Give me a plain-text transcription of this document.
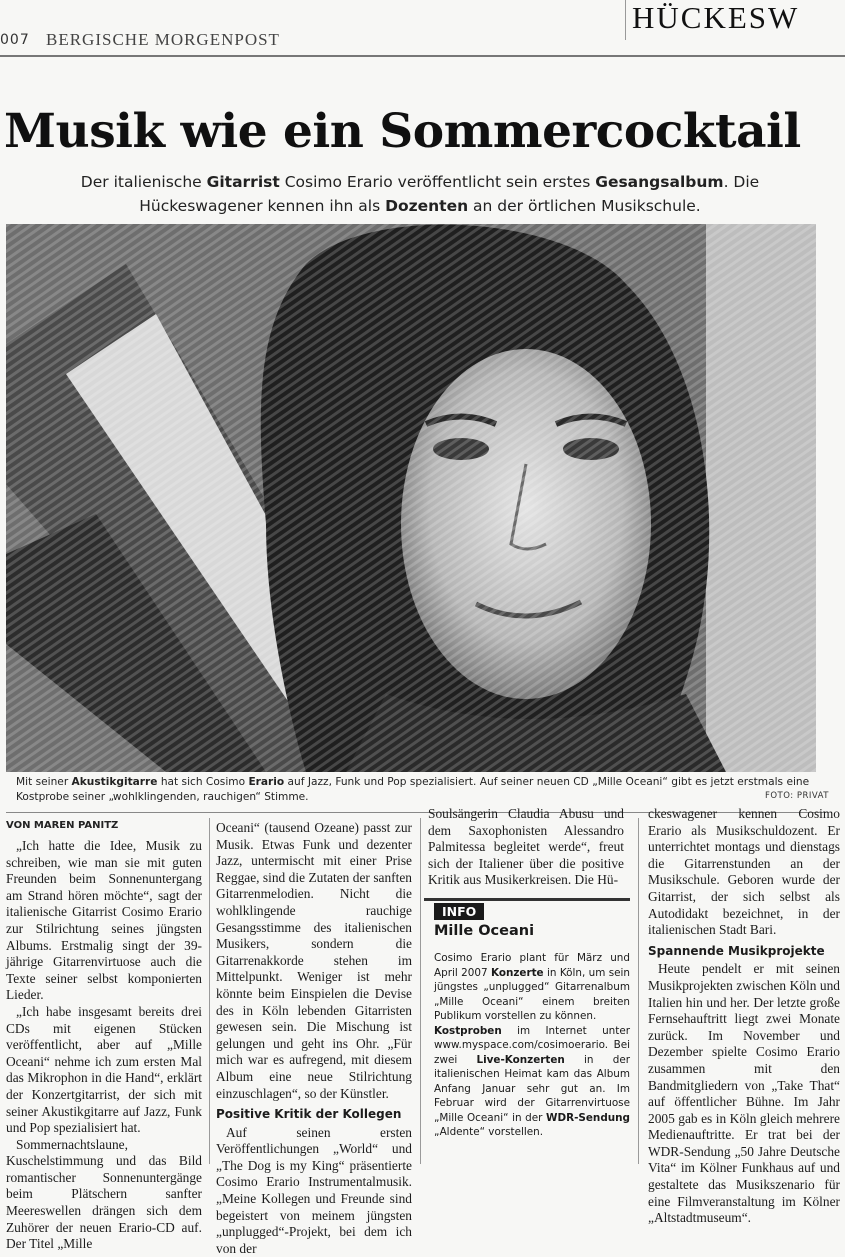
007 BERGISCHE MORGENPOST
HÜCKESW
Musik wie ein Sommercocktail
Der italienische Gitarrist Cosimo Erario veröffentlicht sein erstes Gesangsalbum. Die Hückeswagener kennen ihn als Dozenten an der örtlichen Musikschule.
Mit seiner Akustikgitarre hat sich Cosimo Erario auf Jazz, Funk und Pop spezialisiert. Auf seiner neuen CD „Mille Oceani“ gibt es jetzt erstmals eine Kostprobe seiner „wohlklingenden, rauchigen“ Stimme.	FOTO: PRIVAT
VON MAREN PANITZ

„Ich hatte die Idee, Musik zu schreiben, wie man sie mit guten Freunden beim Sonnenuntergang am Strand hören möchte“, sagt der italienische Gitarrist Cosimo Erario zur Stilrichtung seines jüngsten Albums. Erstmalig singt der 39-jährige Gitarrenvirtuose auch die Texte seiner selbst komponierten Lieder.

„Ich habe insgesamt bereits drei CDs mit eigenen Stücken veröffentlicht, aber auf „Mille Oceani“ nehme ich zum ersten Mal das Mikrophon in die Hand“, erklärt der Konzertgitarrist, der sich mit seiner Akustikgitarre auf Jazz, Funk und Pop spezialisiert hat.

Sommernachtslaune, Kuschelstimmung und das Bild romantischer Sonnenuntergänge beim Plätschern sanfter Meereswellen drängen sich dem Zuhörer der neuen Erario-CD auf. Der Titel „Mille

Oceani“ (tausend Ozeane) passt zur Musik. Etwas Funk und dezenter Jazz, untermischt mit einer Prise Reggae, sind die Zutaten der sanften Gitarrenmelodien. Nicht die wohlklingende rauchige Gesangsstimme des italienischen Musikers, sondern die Gitarrenakkorde stehen im Mittelpunkt. Weniger ist mehr könnte beim Einspielen die Devise des in Köln lebenden Gitarristen gewesen sein. Die Mischung ist gelungen und geht ins Ohr. „Für mich war es aufregend, mit diesem Album eine neue Stilrichtung einzuschlagen“, so der Künstler.

Positive Kritik der Kollegen

Auf seinen ersten Veröffentlichungen „World“ und „The Dog is my King“ präsentierte Cosimo Erario Instrumentalmusik. „Meine Kollegen und Freunde sind begeistert von meinem jüngsten „unplugged“-Projekt, bei dem ich von der

Soulsängerin Claudia Abusu und dem Saxophonisten Alessandro Palmitessa begleitet werde“, freut sich der Italiener über die positive Kritik aus Musikerkreisen. Die Hü-

INFO
Mille Oceani

Cosimo Erario plant für März und April 2007 Konzerte in Köln, um sein jüngstes „unplugged“ Gitarrenalbum „Mille Oceani“ einem breiten Publikum vorstellen zu können.

Kostproben im Internet unter www.myspace.com/cosimoerario. Bei zwei Live-Konzerten in der italienischen Heimat kam das Album Anfang Januar sehr gut an. Im Februar wird der Gitarrenvirtuose „Mille Oceani“ in der WDR-Sendung „Aldente“ vorstellen.

ckeswagener kennen Cosimo Erario als Musikschuldozent. Er unterrichtet montags und dienstags die Gitarrenstunden an der Musikschule. Geboren wurde der Gitarrist, der sich selbst als Autodidakt bezeichnet, in der italienischen Stadt Bari.

Spannende Musikprojekte

Heute pendelt er mit seinen Musikprojekten zwischen Köln und Italien hin und her. Der letzte große Fernsehauftritt liegt zwei Monate zurück. Im November und Dezember spielte Cosimo Erario zusammen mit den Bandmitgliedern von „Take That“ auf öffentlicher Bühne. Im Jahr 2005 gab es in Köln gleich mehrere Medienauftritte. Er trat bei der WDR-Sendung „50 Jahre Deutsche Vita“ im Kölner Funkhaus auf und gestaltete das Musikszenario für eine Filmveranstaltung im Kölner „Altstadtmuseum“.
